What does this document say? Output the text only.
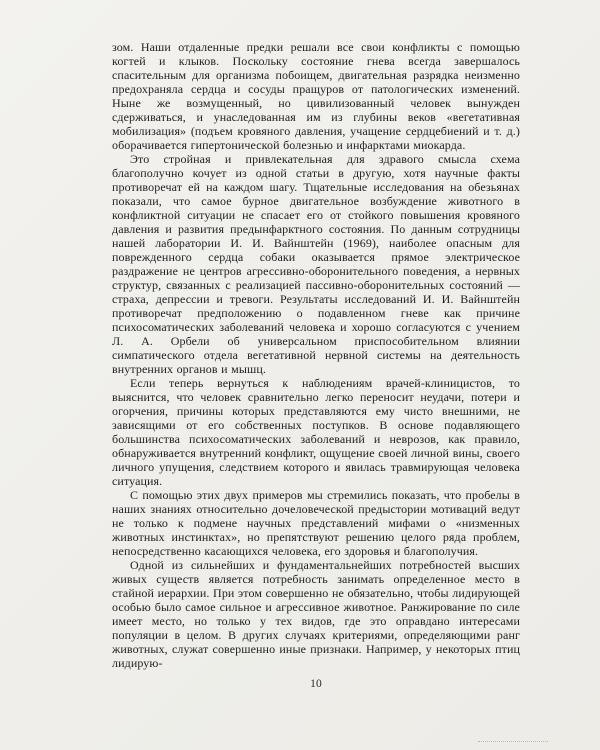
зом. Наши отдаленные предки решали все свои конфликты с помощью когтей и клыков. Поскольку состояние гнева всегда завершалось спасительным для организма побоищем, двигательная разрядка неизменно предохраняла сердца и сосуды пращуров от патологических изменений. Ныне же возмущенный, но цивилизованный человек вынужден сдерживаться, и унаследованная им из глубины веков «вегетативная мобилизация» (подъем кровяного давления, учащение сердцебиений и т. д.) оборачивается гипертонической болезнью и инфарктами миокарда.

Это стройная и привлекательная для здравого смысла схема благополучно кочует из одной статьи в другую, хотя научные факты противоречат ей на каждом шагу. Тщательные исследования на обезьянах показали, что самое бурное двигательное возбуждение животного в конфликтной ситуации не спасает его от стойкого повышения кровяного давления и развития предынфарктного состояния. По данным сотрудницы нашей лаборатории И. И. Вайнштейн (1969), наиболее опасным для поврежденного сердца собаки оказывается прямое электрическое раздражение не центров агрессивно-оборонительного поведения, а нервных структур, связанных с реализацией пассивно-оборонительных состояний — страха, депрессии и тревоги. Результаты исследований И. И. Вайнштейн противоречат предположению о подавленном гневе как причине психосоматических заболеваний человека и хорошо согласуются с учением Л. А. Орбели об универсальном приспособительном влиянии симпатического отдела вегетативной нервной системы на деятельность внутренних органов и мышц.

Если теперь вернуться к наблюдениям врачей-клиницистов, то выяснится, что человек сравнительно легко переносит неудачи, потери и огорчения, причины которых представляются ему чисто внешними, не зависящими от его собственных поступков. В основе подавляющего большинства психосоматических заболеваний и неврозов, как правило, обнаруживается внутренний конфликт, ощущение своей личной вины, своего личного упущения, следствием которого и явилась травмирующая человека ситуация.

С помощью этих двух примеров мы стремились показать, что пробелы в наших знаниях относительно дочеловеческой предыстории мотиваций ведут не только к подмене научных представлений мифами о «низменных животных инстинктах», но препятствуют решению целого ряда проблем, непосредственно касающихся человека, его здоровья и благополучия.

Одной из сильнейших и фундаментальнейших потребностей высших живых существ является потребность занимать определенное место в стайной иерархии. При этом совершенно не обязательно, чтобы лидирующей особью было самое сильное и агрессивное животное. Ранжирование по силе имеет место, но только у тех видов, где это оправдано интересами популяции в целом. В других случаях критериями, определяющими ранг животных, служат совершенно иные признаки. Например, у некоторых птиц лидирую-

10
